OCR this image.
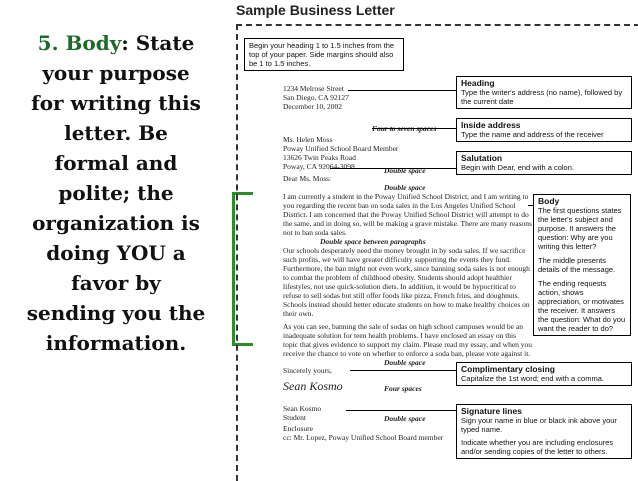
5. Body: State
your purpose
for writing this
letter. Be
formal and
polite; the
organization is
doing YOU a
favor by
sending you the
information.
Sample Business Letter
Begin your heading 1 to 1.5 inches from the top of your paper. Side margins should also be 1 to 1.5 inches.
1234 Melrose Street
San Diego, CA 92127
December 10, 2002
Four to seven spaces
Ms. Helen Moss
Poway Unified School Board Member
13626 Twin Peaks Road
Poway, CA 92064-3098	Double space
Dear Ms. Moss:
Double space
I am currently a student in the Poway Unified School District, and I am writing to
you regarding the recent ban on soda sales in the Los Angeles Unified School
District. I am concerned that the Poway Unified School District will attempt to do
the same, and in doing so, will be making a grave mistake. There are many reasons
not to ban soda sales.
Double space between paragraphs
Our schools desperately need the money brought in by soda sales. If we sacrifice
such profits, we will have greater difficulty supporting the events they fund.
Furthermore, the ban might not even work, since banning soda sales is not enough
to combat the problem of childhood obesity. Students should adopt healthier
lifestyles, not use quick-solution diets. In addition, it would be hypocritical to
refuse to sell sodas but still offer foods like pizza, French fries, and doughnuts.
Schools instead should better educate students on how to make healthy choices on
their own.
As you can see, banning the sale of sodas on high school campuses would be an
inadequate solution for teen health problems. I have enclosed an essay on this
topic that gives evidence to support my claim. Please read my essay, and when you
receive the chance to vote on whether to enforce a soda ban, please vote against it.
Double space
Sincerely yours,
Sean Kosmo	Four spaces
Sean Kosmo
Student	Double space
Enclosure
cc: Mr. Lopez, Poway Unified School Board member
Heading
Type the writer's address (no name), followed by the current date
Inside address
Type the name and address of the receiver
Salutation
Begin with Dear, end with a colon.
Body
The first questions states the letter's subject and purpose. It answers the question: Why are you writing this letter?
The middle presents details of the message.
The ending requests action, shows appreciation, or motivates the receiver. It answers the question: What do you want the reader to do?
Complimentary closing
Capitalize the 1st word; end with a comma.
Signature lines
Sign your name in blue or black ink above your typed name.
Indicate whether you are including enclosures and/or sending copies of the letter to others.
